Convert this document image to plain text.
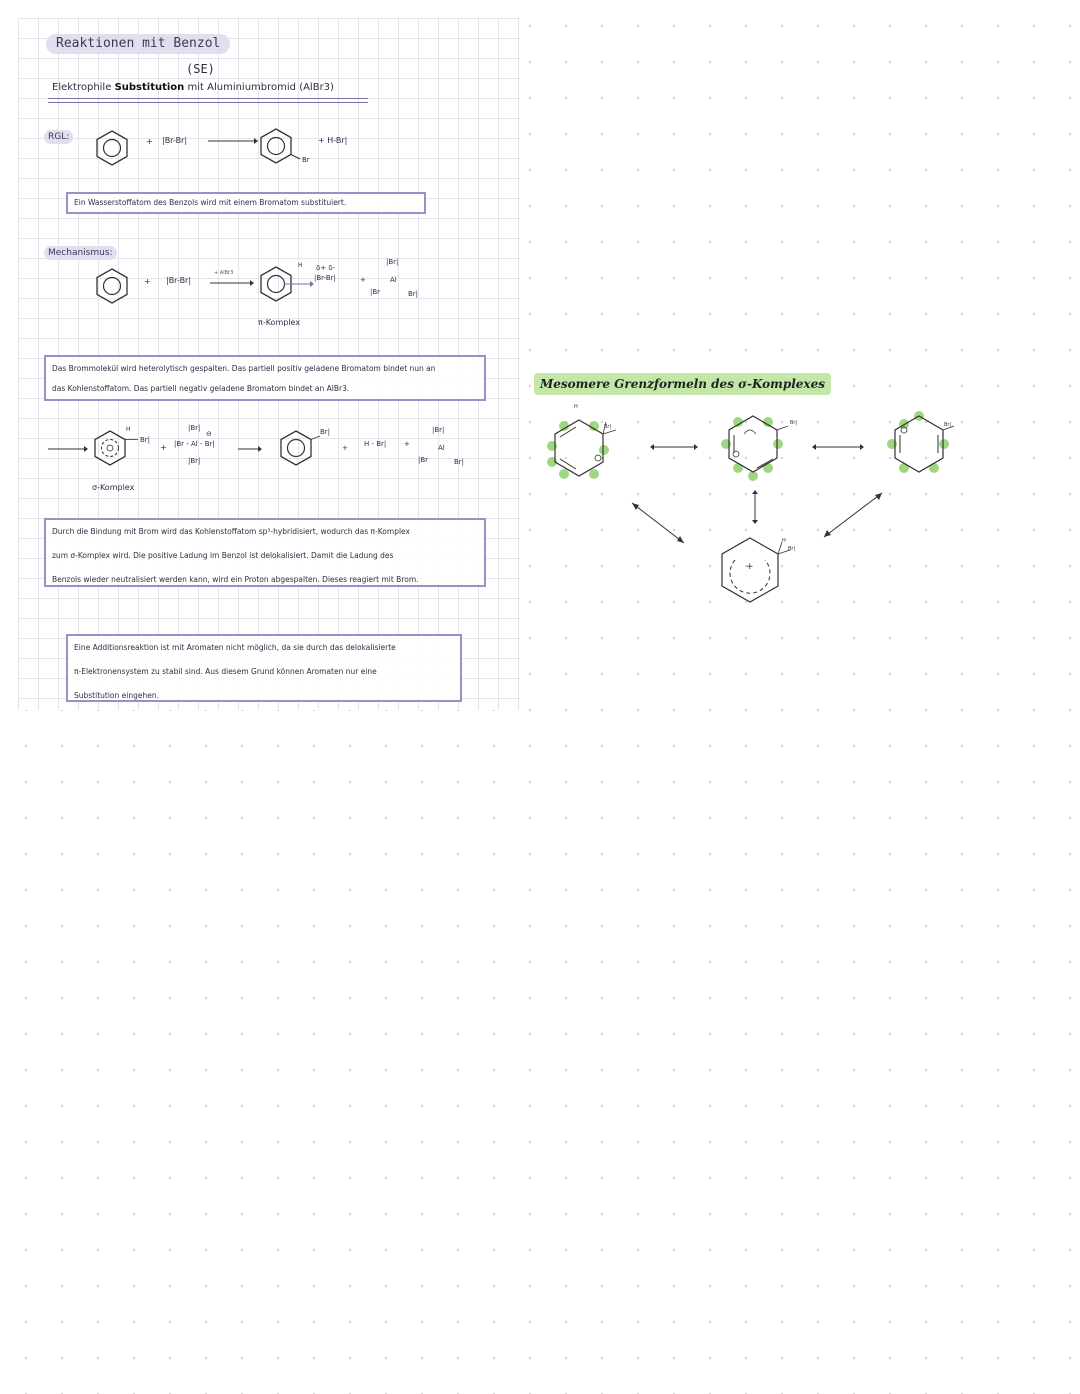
Reaktionen mit Benzol
(SE)
Elektrophile Substitution mit Aluminiumbromid (AlBr3)
RGL:	+ |Br-Br| →
Br
+ H-Br|

Ein Wasserstoffatom des Benzols wird mit einem Bromatom substituiert.

Mechanismus:
+ |Br-Br|
+ AlBr3
H δ+ δ-
|Br-Br|	+
|Br|
Al
|Br	Br|
π-Komplex

Das Brommolekül wird heterolytisch gespalten. Das partiell positiv geladene Bromatom bindet nun an

das Kohlenstoffatom. Das partiell negativ geladene Bromatom bindet an AlBr3.

H
Br|
+
|Br|
⊖
|Br - Al - Br|
|Br|
Br|
+ H - Br|	+
|Br|
Al
|Br	Br|
σ-Komplex

Durch die Bindung mit Brom wird das Kohlenstoffatom sp³-hybridisiert, wodurch das π-Komplex

zum σ-Komplex wird. Die positive Ladung im Benzol ist delokalisiert. Damit die Ladung des

Benzols wieder neutralisiert werden kann, wird ein Proton abgespalten. Dieses reagiert mit Brom.

Eine Additionsreaktion ist mit Aromaten nicht möglich, da sie durch das delokalisierte

π-Elektronensystem zu stabil sind. Aus diesem Grund können Aromaten nur eine

Substitution eingehen.

Mesomere Grenzformeln des σ-Komplexes
H
Br|
Br|	Br|
+
H
Br|
